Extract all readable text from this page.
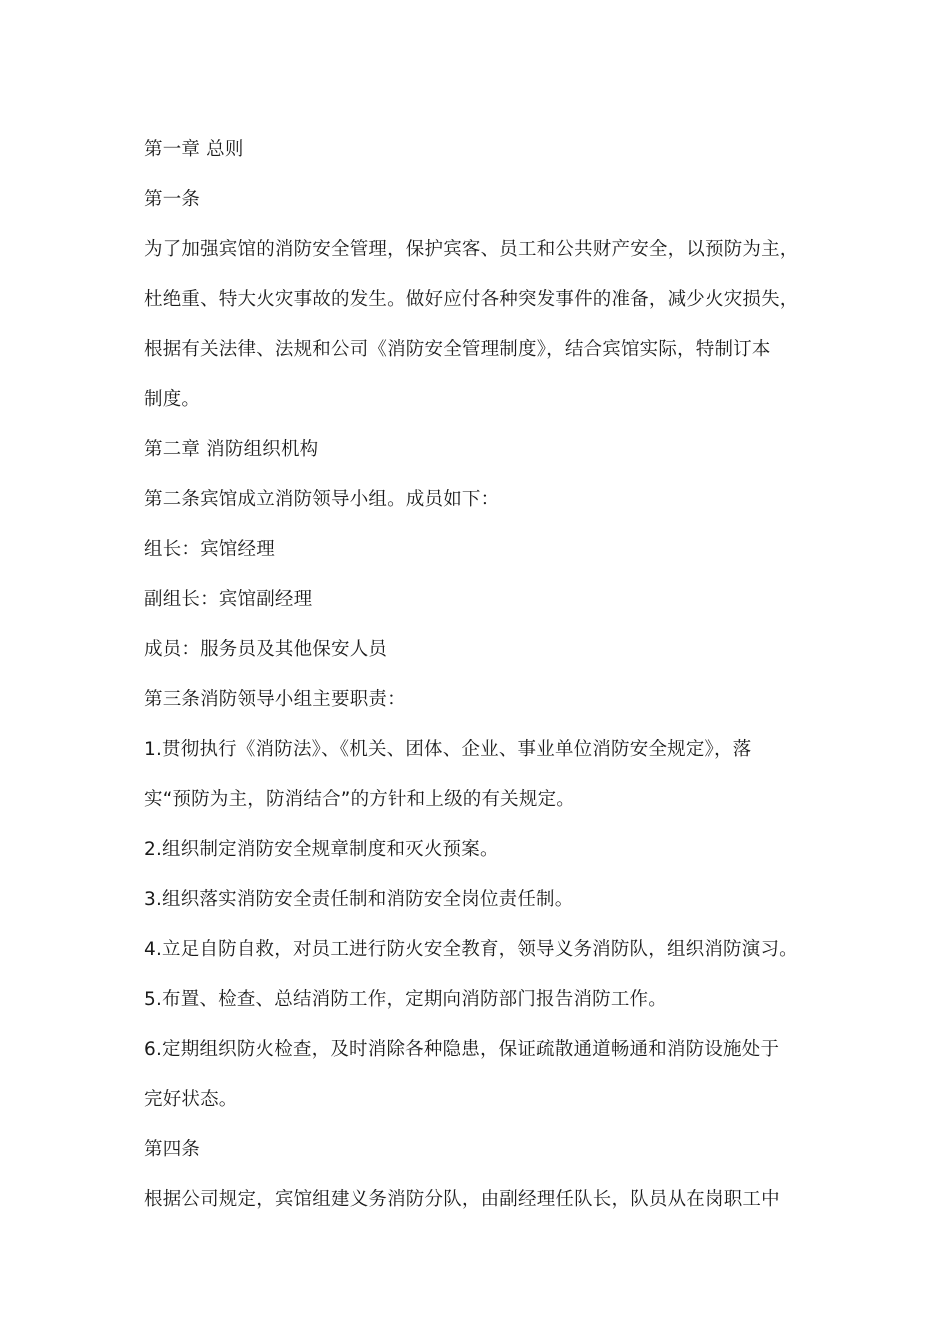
第一章 总则

第一条

为了加强宾馆的消防安全管理，保护宾客、员工和公共财产安全，以预防为主，

杜绝重、特大火灾事故的发生。做好应付各种突发事件的准备，减少火灾损失，

根据有关法律、法规和公司《消防安全管理制度》，结合宾馆实际，特制订本

制度。

第二章 消防组织机构

第二条宾馆成立消防领导小组。成员如下：

组长：宾馆经理

副组长：宾馆副经理

成员：服务员及其他保安人员

第三条消防领导小组主要职责：

1.贯彻执行《消防法》、《机关、团体、企业、事业单位消防安全规定》，落

实“预防为主，防消结合”的方针和上级的有关规定。

2.组织制定消防安全规章制度和灭火预案。

3.组织落实消防安全责任制和消防安全岗位责任制。

4.立足自防自救，对员工进行防火安全教育，领导义务消防队，组织消防演习。

5.布置、检查、总结消防工作，定期向消防部门报告消防工作。

6.定期组织防火检查，及时消除各种隐患，保证疏散通道畅通和消防设施处于

完好状态。

第四条

根据公司规定，宾馆组建义务消防分队，由副经理任队长，队员从在岗职工中
